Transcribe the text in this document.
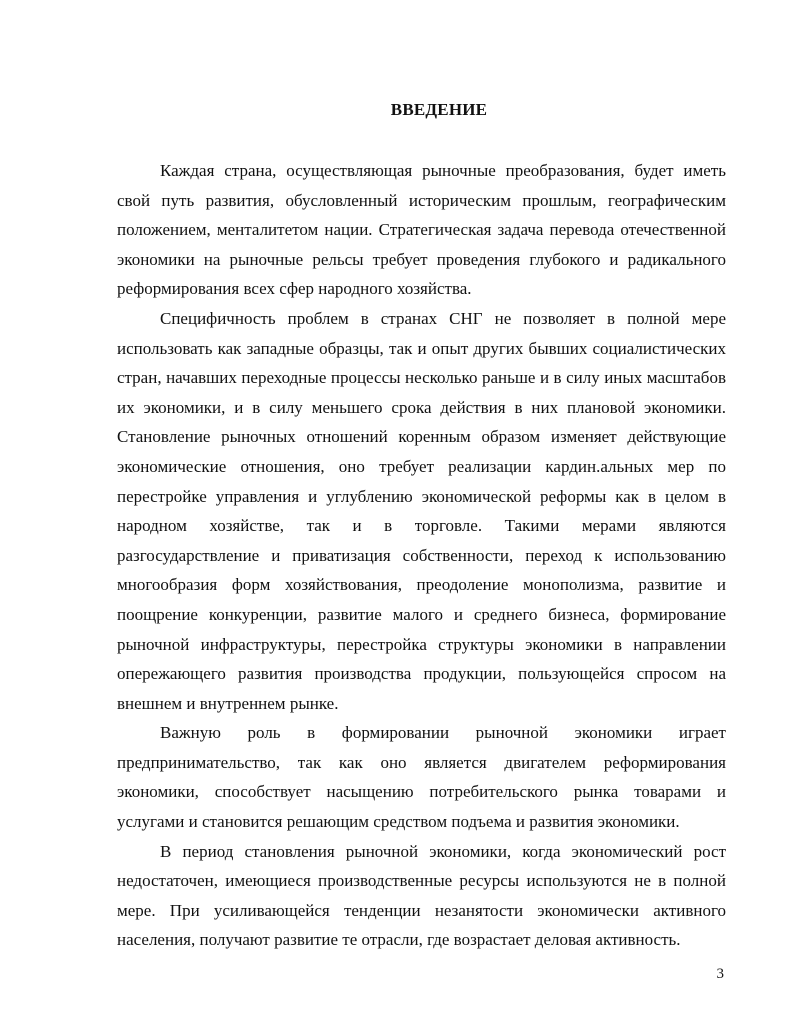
ВВЕДЕНИЕ

Каждая страна, осуществляющая рыночные преобразования, будет иметь свой путь развития, обусловленный историческим прошлым, географическим положением, менталитетом нации. Стратегическая задача перевода отечественной экономики на рыночные рельсы требует проведения глубокого и радикального реформирования всех сфер народного хозяйства.

Специфичность проблем в странах СНГ не позволяет в полной мере использовать как западные образцы, так и опыт других бывших социалистических стран, начавших переходные процессы несколько раньше и в силу иных масштабов их экономики, и в силу меньшего срока действия в них плановой экономики. Становление рыночных отношений коренным образом изменяет действующие экономические отношения, оно требует реализации кардин.альных мер по перестройке управления и углублению экономической реформы как в целом в народном хозяйстве, так и в торговле. Такими мерами являются разгосударствление и приватизация собственности, переход к использованию многообразия форм хозяйствования, преодоление монополизма, развитие и поощрение конкуренции, развитие малого и среднего бизнеса, формирование рыночной инфраструктуры, перестройка структуры экономики в направлении опережающего развития производства продукции, пользующейся спросом на внешнем и внутреннем рынке.

Важную роль в формировании рыночной экономики играет предпринимательство, так как оно является двигателем реформирования экономики, способствует насыщению потребительского рынка товарами и услугами и становится решающим средством подъема и развития экономики.

В период становления рыночной экономики, когда экономический рост недостаточен, имеющиеся производственные ресурсы используются не в полной мере. При усиливающейся тенденции незанятости экономически активного населения, получают развитие те отрасли, где возрастает деловая активность.

3
